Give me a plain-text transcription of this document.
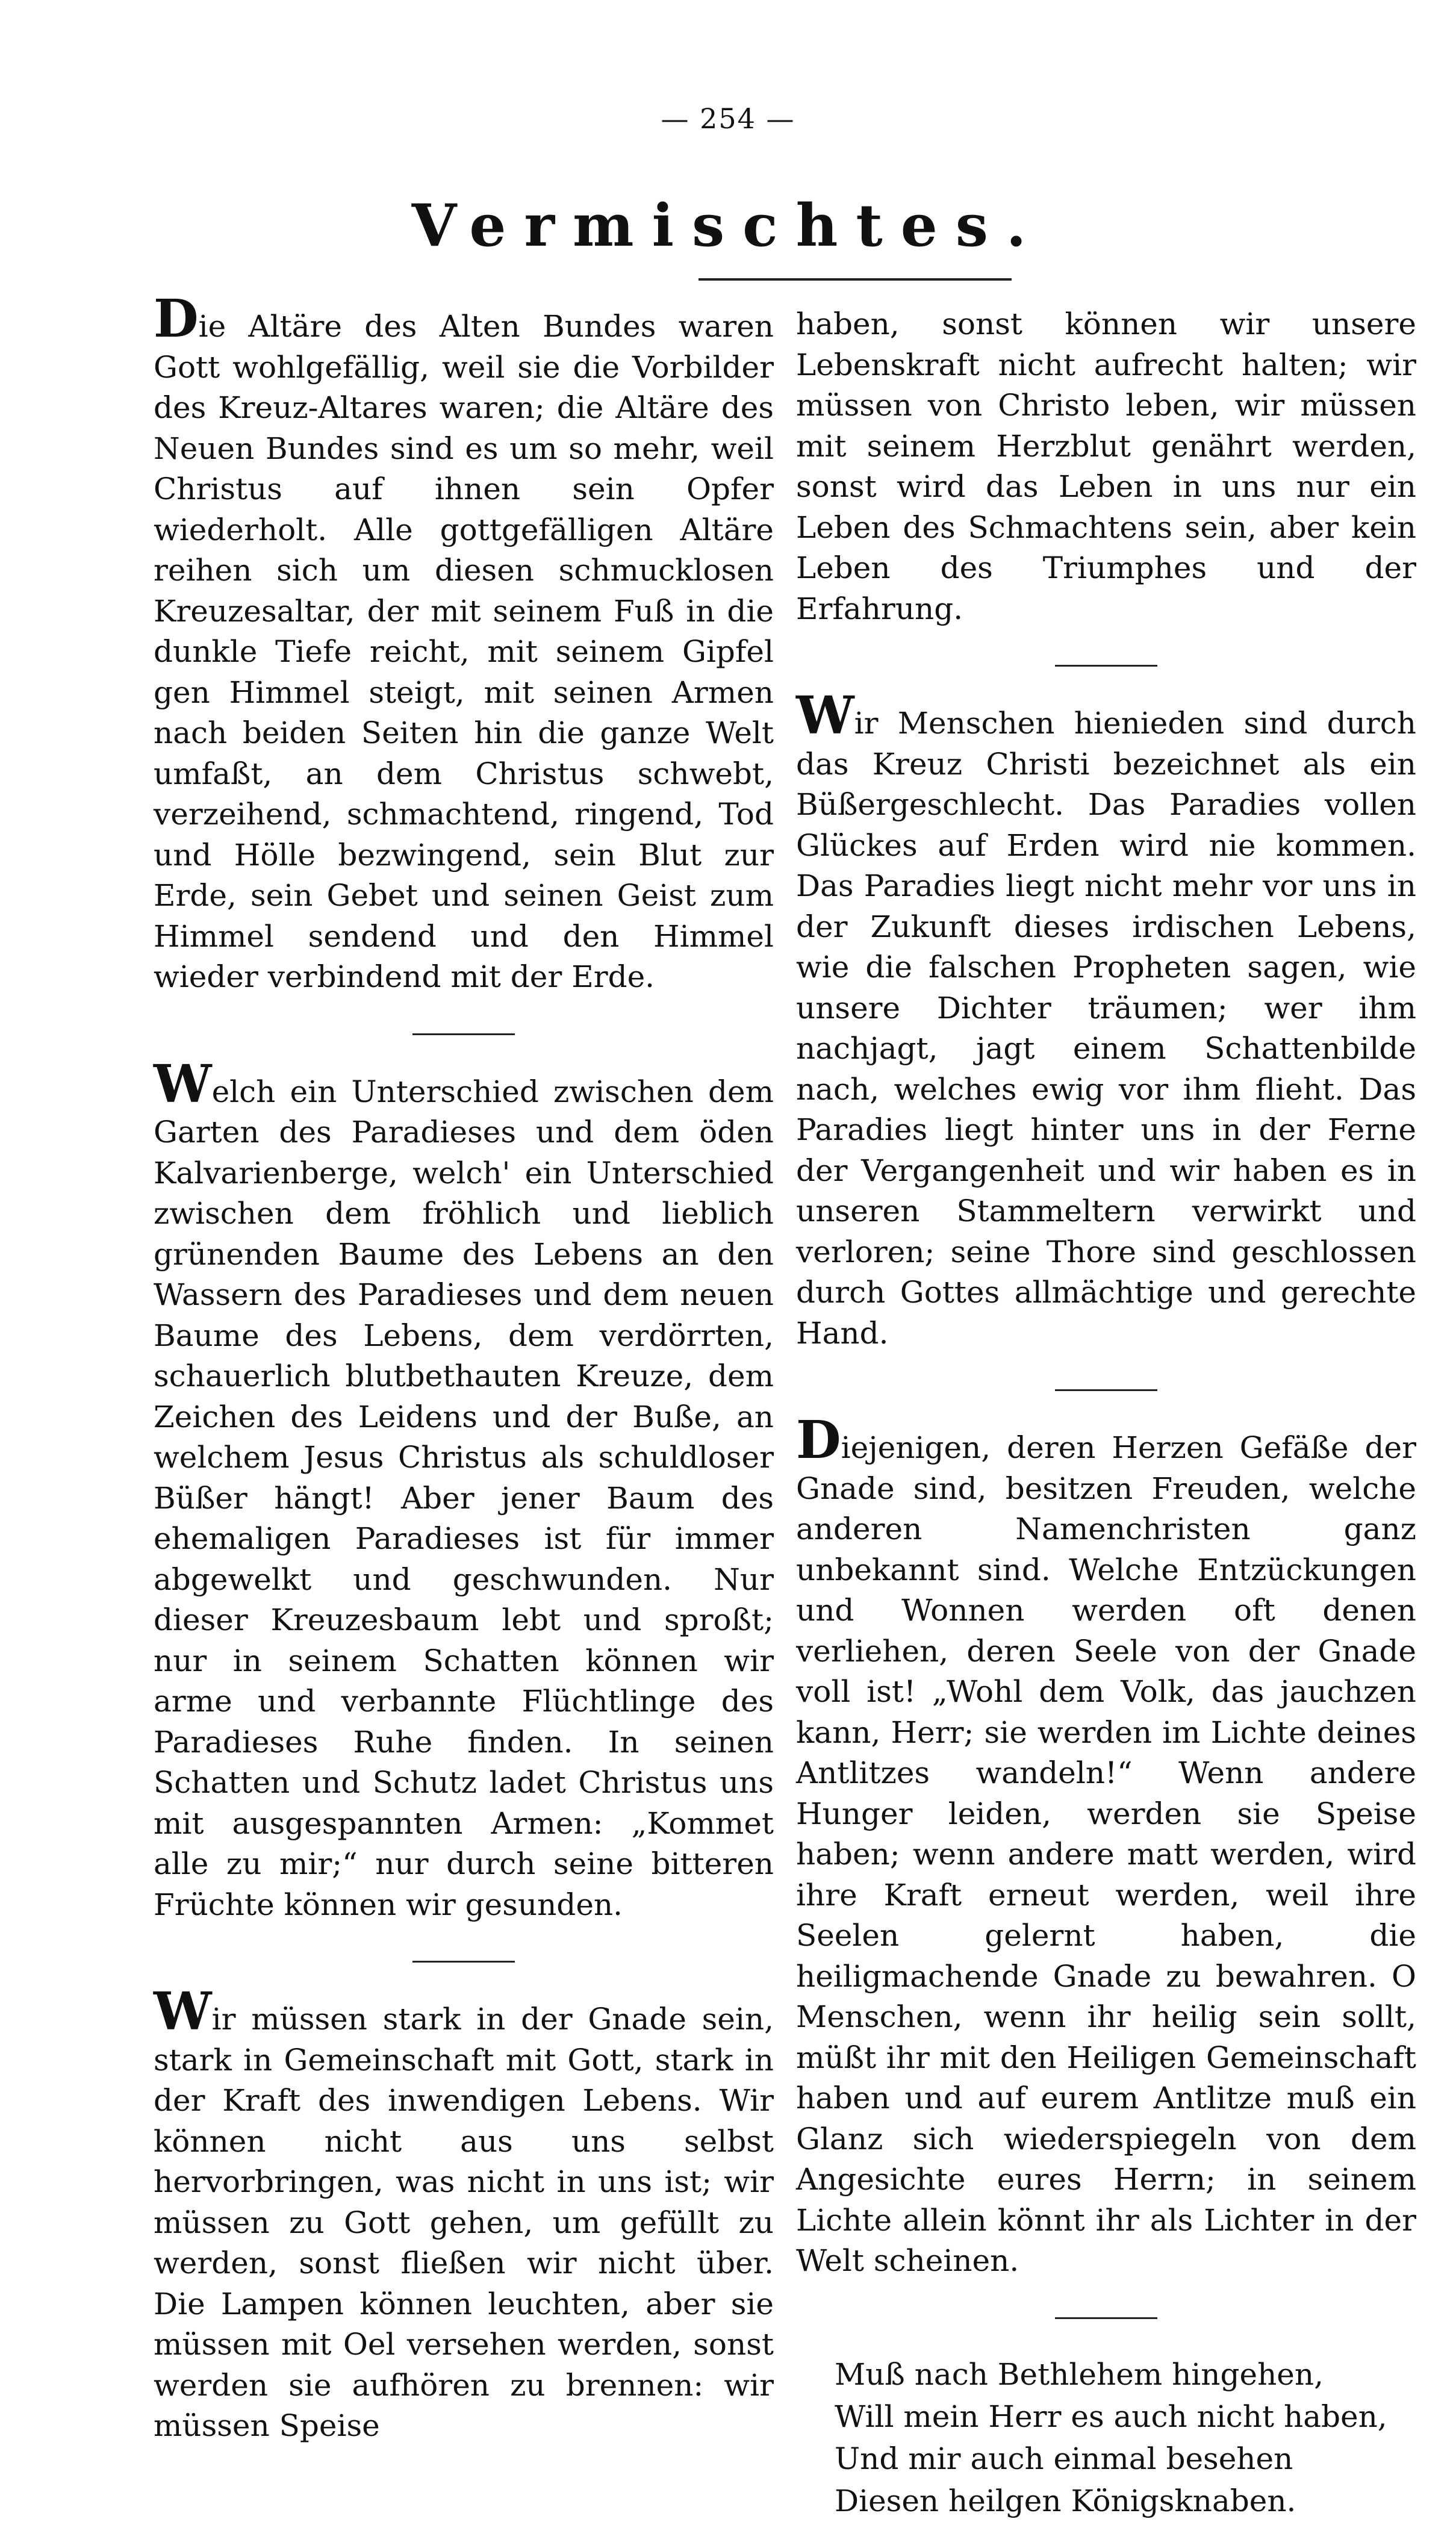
— 254 —
Vermischtes.

Die Altäre des Alten Bundes waren Gott wohlgefällig, weil sie die Vorbilder des Kreuz-Altares waren; die Altäre des Neuen Bundes sind es um so mehr, weil Christus auf ihnen sein Opfer wiederholt. Alle gottgefälligen Altäre reihen sich um diesen schmucklosen Kreuzesaltar, der mit seinem Fuß in die dunkle Tiefe reicht, mit seinem Gipfel gen Himmel steigt, mit seinen Armen nach beiden Seiten hin die ganze Welt umfaßt, an dem Christus schwebt, verzeihend, schmachtend, ringend, Tod und Hölle bezwingend, sein Blut zur Erde, sein Gebet und seinen Geist zum Himmel sendend und den Himmel wieder verbindend mit der Erde.

Welch ein Unterschied zwischen dem Garten des Paradieses und dem öden Kalvarienberge, welch' ein Unterschied zwischen dem fröhlich und lieblich grünenden Baume des Lebens an den Wassern des Paradieses und dem neuen Baume des Lebens, dem verdörrten, schauerlich blutbethauten Kreuze, dem Zeichen des Leidens und der Buße, an welchem Jesus Christus als schuldloser Büßer hängt! Aber jener Baum des ehemaligen Paradieses ist für immer abgewelkt und geschwunden. Nur dieser Kreuzesbaum lebt und sproßt; nur in seinem Schatten können wir arme und verbannte Flüchtlinge des Paradieses Ruhe finden. In seinen Schatten und Schutz ladet Christus uns mit ausgespannten Armen: „Kommet alle zu mir;“ nur durch seine bitteren Früchte können wir gesunden.

Wir müssen stark in der Gnade sein, stark in Gemeinschaft mit Gott, stark in der Kraft des inwendigen Lebens. Wir können nicht aus uns selbst hervorbringen, was nicht in uns ist; wir müssen zu Gott gehen, um gefüllt zu werden, sonst fließen wir nicht über. Die Lampen können leuchten, aber sie müssen mit Oel versehen werden, sonst werden sie aufhören zu brennen: wir müssen Speise

haben, sonst können wir unsere Lebenskraft nicht aufrecht halten; wir müssen von Christo leben, wir müssen mit seinem Herzblut genährt werden, sonst wird das Leben in uns nur ein Leben des Schmachtens sein, aber kein Leben des Triumphes und der Erfahrung.

Wir Menschen hienieden sind durch das Kreuz Christi bezeichnet als ein Büßergeschlecht. Das Paradies vollen Glückes auf Erden wird nie kommen. Das Paradies liegt nicht mehr vor uns in der Zukunft dieses irdischen Lebens, wie die falschen Propheten sagen, wie unsere Dichter träumen; wer ihm nachjagt, jagt einem Schattenbilde nach, welches ewig vor ihm flieht. Das Paradies liegt hinter uns in der Ferne der Vergangenheit und wir haben es in unseren Stammeltern verwirkt und verloren; seine Thore sind geschlossen durch Gottes allmächtige und gerechte Hand.

Diejenigen, deren Herzen Gefäße der Gnade sind, besitzen Freuden, welche anderen Namenchristen ganz unbekannt sind. Welche Entzückungen und Wonnen werden oft denen verliehen, deren Seele von der Gnade voll ist! „Wohl dem Volk, das jauchzen kann, Herr; sie werden im Lichte deines Antlitzes wandeln!“ Wenn andere Hunger leiden, werden sie Speise haben; wenn andere matt werden, wird ihre Kraft erneut werden, weil ihre Seelen gelernt haben, die heiligmachende Gnade zu bewahren. O Menschen, wenn ihr heilig sein sollt, müßt ihr mit den Heiligen Gemeinschaft haben und auf eurem Antlitze muß ein Glanz sich wiederspiegeln von dem Angesichte eures Herrn; in seinem Lichte allein könnt ihr als Lichter in der Welt scheinen.

Muß nach Bethlehem hingehen,
Will mein Herr es auch nicht haben,
Und mir auch einmal besehen
Diesen heilgen Königsknaben.
